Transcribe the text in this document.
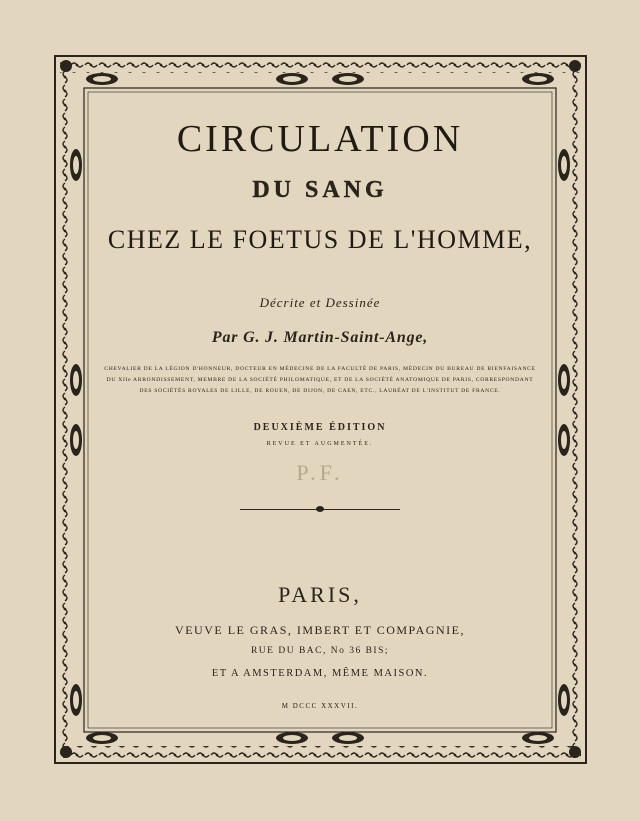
CIRCULATION
DU SANG
CHEZ LE FOETUS DE L'HOMME,
Décrite et Dessinée
Par G. J. Martin-Saint-Ange,
CHEVALIER DE LA LÉGION D'HONNEUR, DOCTEUR EN MÉDECINE DE LA FACULTÉ DE PARIS, MÉDECIN DU BUREAU DE BIENFAISANCE
DU XIIe ARRONDISSEMENT, MEMBRE DE LA SOCIÉTÉ PHILOMATIQUE, ET DE LA SOCIÉTÉ ANATOMIQUE DE PARIS, CORRESPONDANT
DES SOCIÉTÉS ROYALES DE LILLE, DE ROUEN, DE DIJON, DE CAEN, ETC., LAURÉAT DE L'INSTITUT DE FRANCE.
DEUXIÈME ÉDITION
REVUE ET AUGMENTÉE.
P.F.
PARIS,
VEUVE LE GRAS, IMBERT ET COMPAGNIE,
RUE DU BAC, No 36 BIS;
ET A AMSTERDAM, MÊME MAISON.
M DCCC XXXVII.
